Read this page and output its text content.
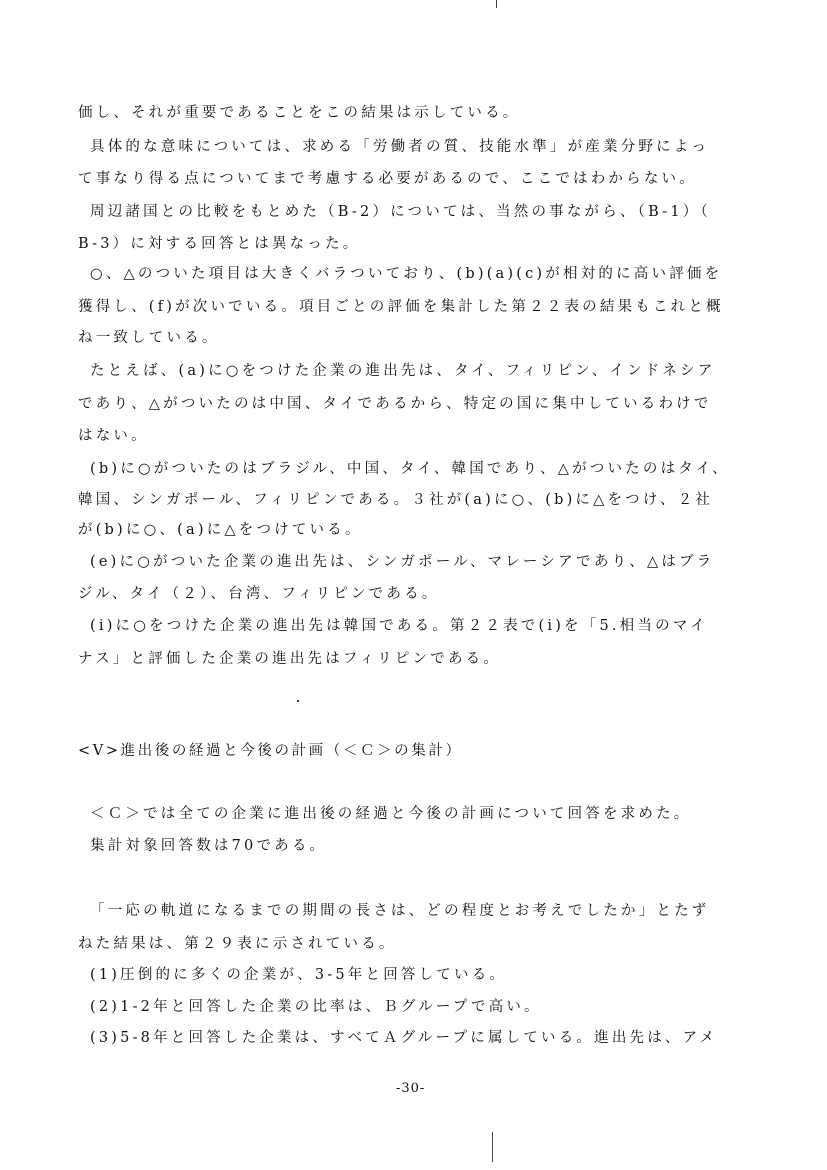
価し、それが重要であることをこの結果は示している。
具体的な意味については、求める「労働者の質、技能水準」が産業分野によっ
て事なり得る点についてまで考慮する必要があるので、ここではわからない。
周辺諸国との比較をもとめた（B-2）については、当然の事ながら、（B-1）（
B-3）に対する回答とは異なった。
○、△のついた項目は大きくバラついており、(b)(a)(c)が相対的に高い評価を
獲得し、(f)が次いでいる。項目ごとの評価を集計した第２２表の結果もこれと概
ね一致している。
たとえば、(a)に○をつけた企業の進出先は、タイ、フィリピン、インドネシア
であり、△がついたのは中国、タイであるから、特定の国に集中しているわけで
はない。
(b)に○がついたのはブラジル、中国、タイ、韓国であり、△がついたのはタイ、
韓国、シンガポール、フィリピンである。３社が(a)に○、(b)に△をつけ、２社
が(b)に○、(a)に△をつけている。
(e)に○がついた企業の進出先は、シンガポール、マレーシアであり、△はブラ
ジル、タイ（２）、台湾、フィリピンである。
(i)に○をつけた企業の進出先は韓国である。第２２表で(i)を「5.相当のマイ
ナス」と評価した企業の進出先はフィリピンである。
<V>進出後の経過と今後の計画（＜Ｃ＞の集計）
＜Ｃ＞では全ての企業に進出後の経過と今後の計画について回答を求めた。
集計対象回答数は70である。
「一応の軌道になるまでの期間の長さは、どの程度とお考えでしたか」とたず
ねた結果は、第２９表に示されている。
(1)圧倒的に多くの企業が、3-5年と回答している。
(2)1-2年と回答した企業の比率は、Ｂグループで高い。
(3)5-8年と回答した企業は、すべてＡグループに属している。進出先は、アメ
-30-
